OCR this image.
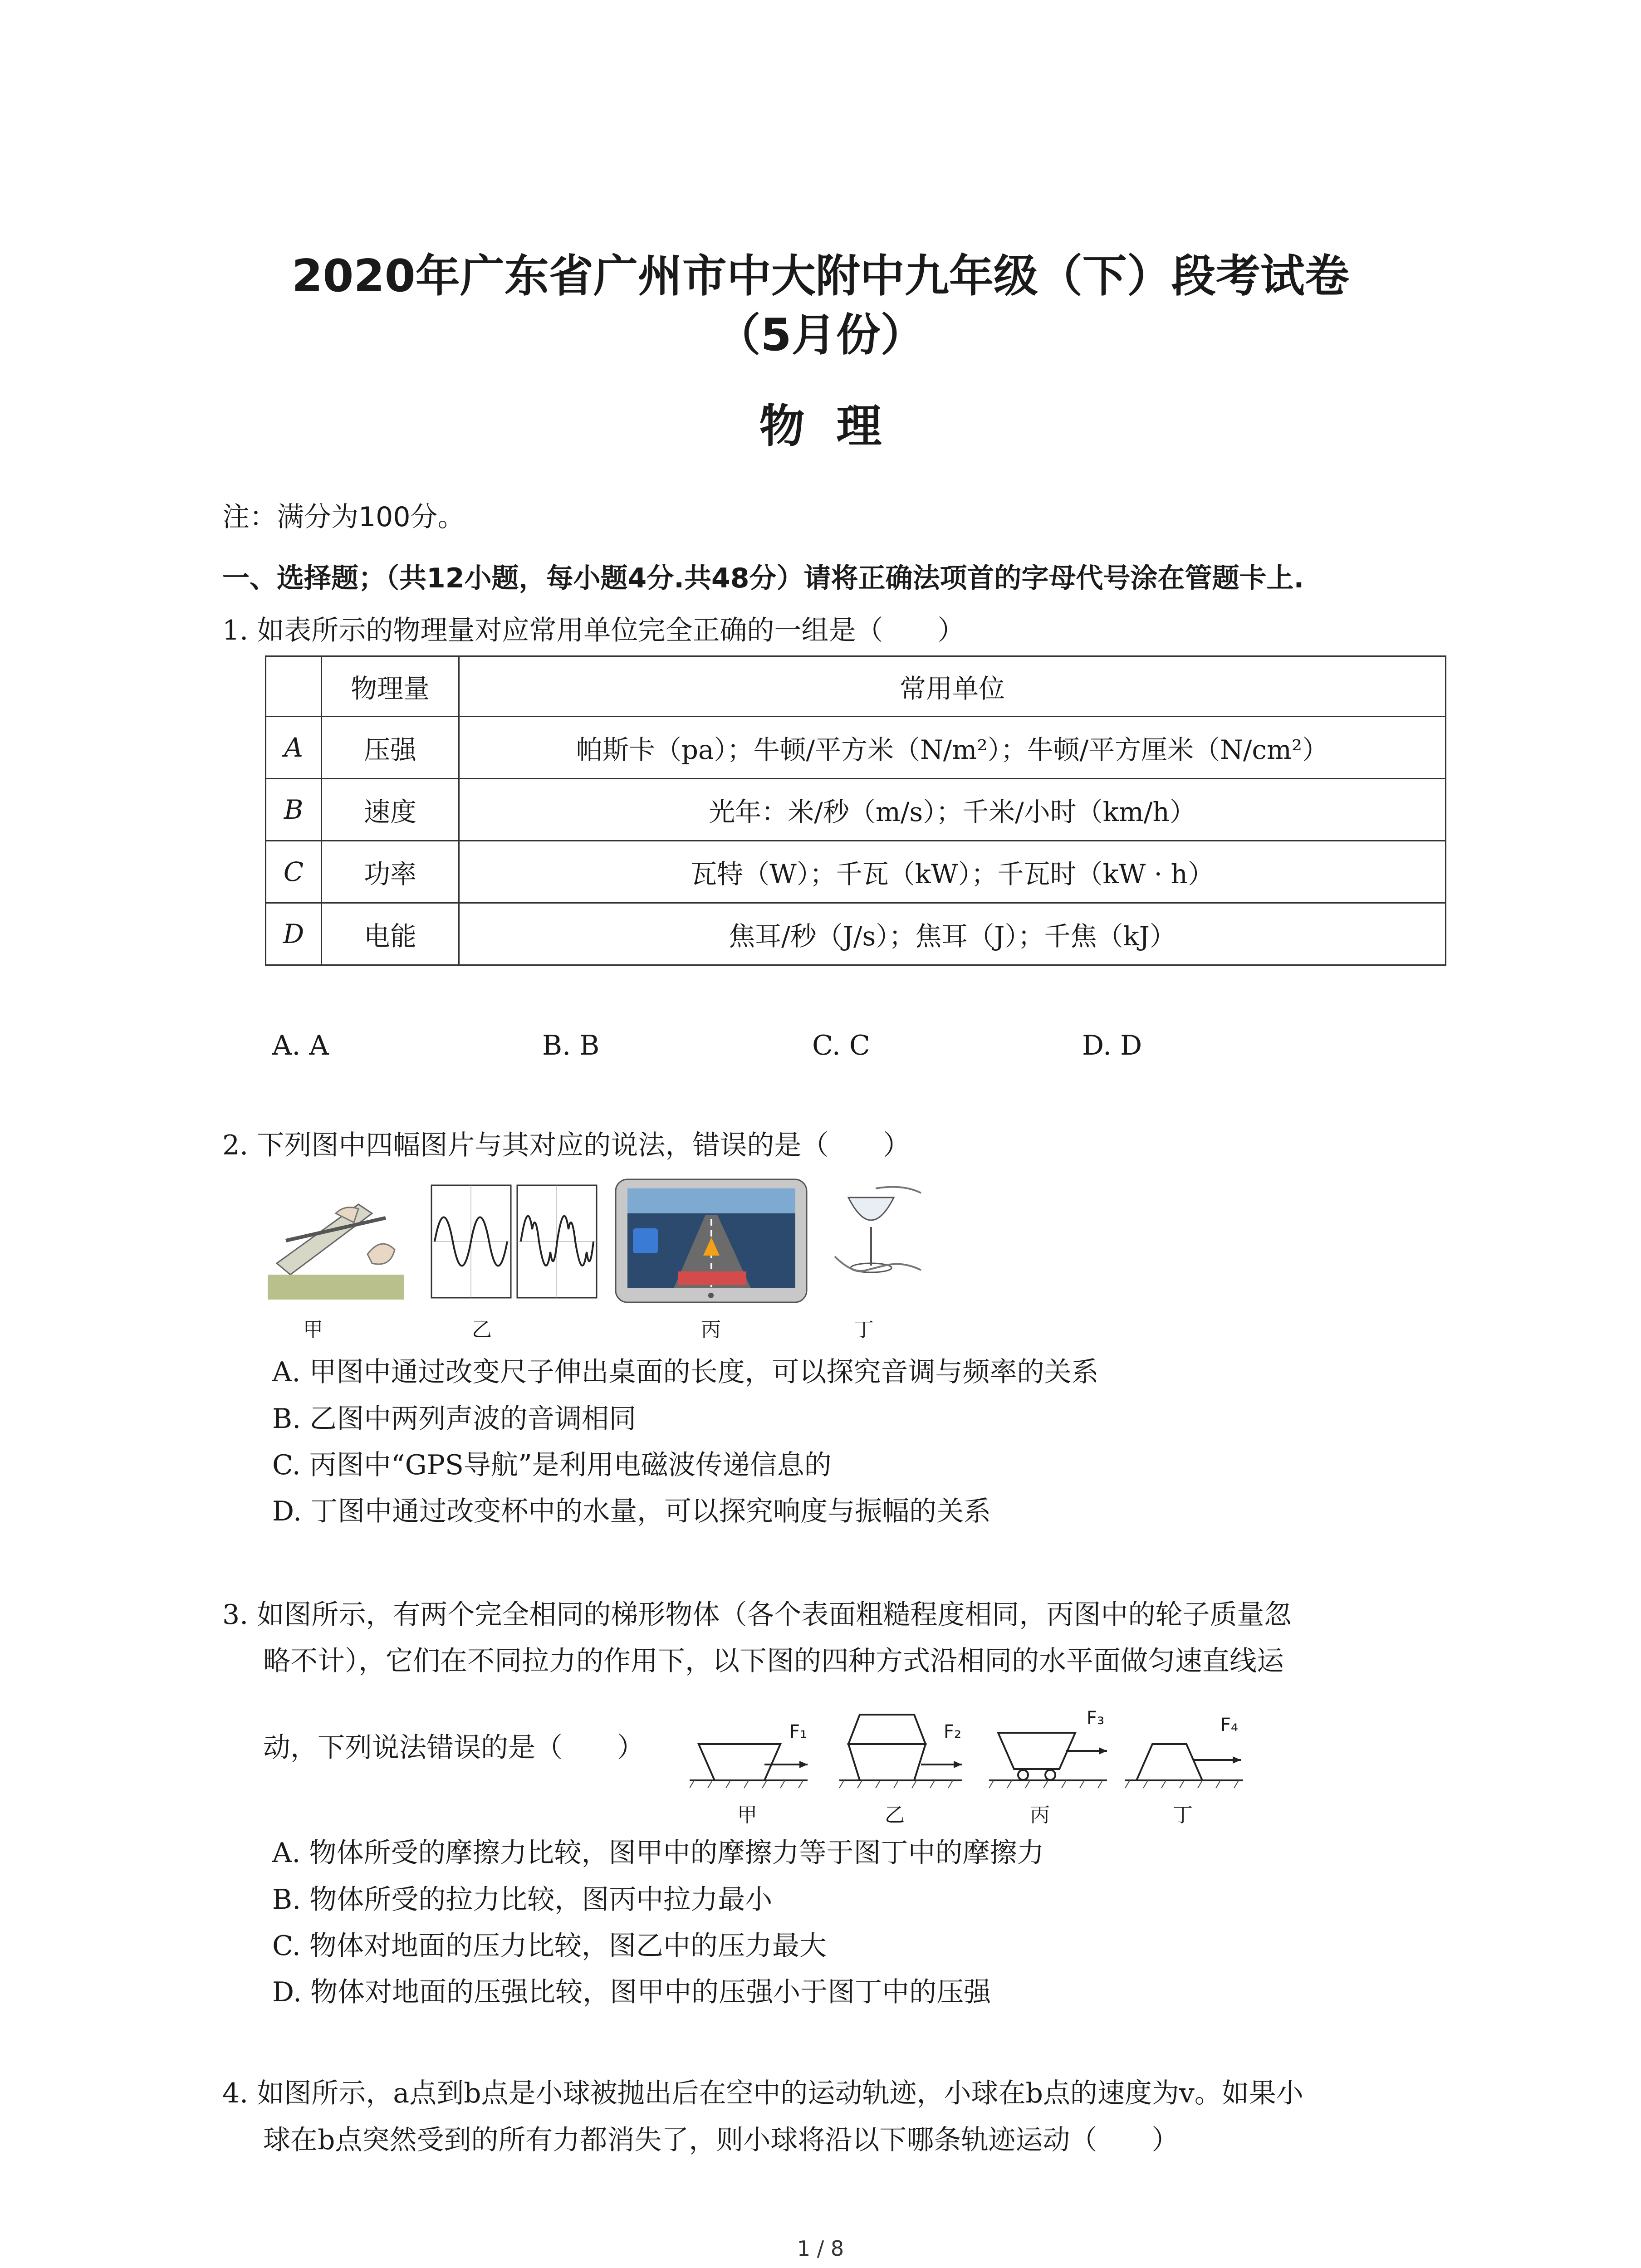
2020年广东省广州市中大附中九年级（下）段考试卷
（5月份）
物  理
注：满分为100分。
一、选择题；（共12小题，每小题4分.共48分）请将正确法项首的字母代号涂在管题卡上.
1. 如表所示的物理量对应常用单位完全正确的一组是（　　）
	物理量	常用单位
A	压强	帕斯卡（pa）；牛顿/平方米（N/m²）；牛顿/平方厘米（N/cm²）
B	速度	光年：米/秒（m/s）；千米/小时（km/h）
C	功率	瓦特（W）；千瓦（kW）；千瓦时（kW · h）
D	电能	焦耳/秒（J/s）；焦耳（J）；千焦（kJ）
A. A	B. B	C. C	D. D
2. 下列图中四幅图片与其对应的说法，错误的是（　　）
●
甲	乙	丙	丁
A. 甲图中通过改变尺子伸出桌面的长度，可以探究音调与频率的关系
B. 乙图中两列声波的音调相同
C. 丙图中“GPS导航”是利用电磁波传递信息的
D. 丁图中通过改变杯中的水量，可以探究响度与振幅的关系
3. 如图所示，有两个完全相同的梯形物体（各个表面粗糙程度相同，丙图中的轮子质量忽
略不计），它们在不同拉力的作用下，以下图的四种方式沿相同的水平面做匀速直线运
动，下列说法错误的是（　　）	F₁	F₂
F₃	F₄
甲	乙	丙	丁
A. 物体所受的摩擦力比较，图甲中的摩擦力等于图丁中的摩擦力
B. 物体所受的拉力比较，图丙中拉力最小
C. 物体对地面的压力比较，图乙中的压力最大
D. 物体对地面的压强比较，图甲中的压强小于图丁中的压强
4. 如图所示，a点到b点是小球被抛出后在空中的运动轨迹，小球在b点的速度为v。如果小
球在b点突然受到的所有力都消失了，则小球将沿以下哪条轨迹运动（　　）
1 / 8
